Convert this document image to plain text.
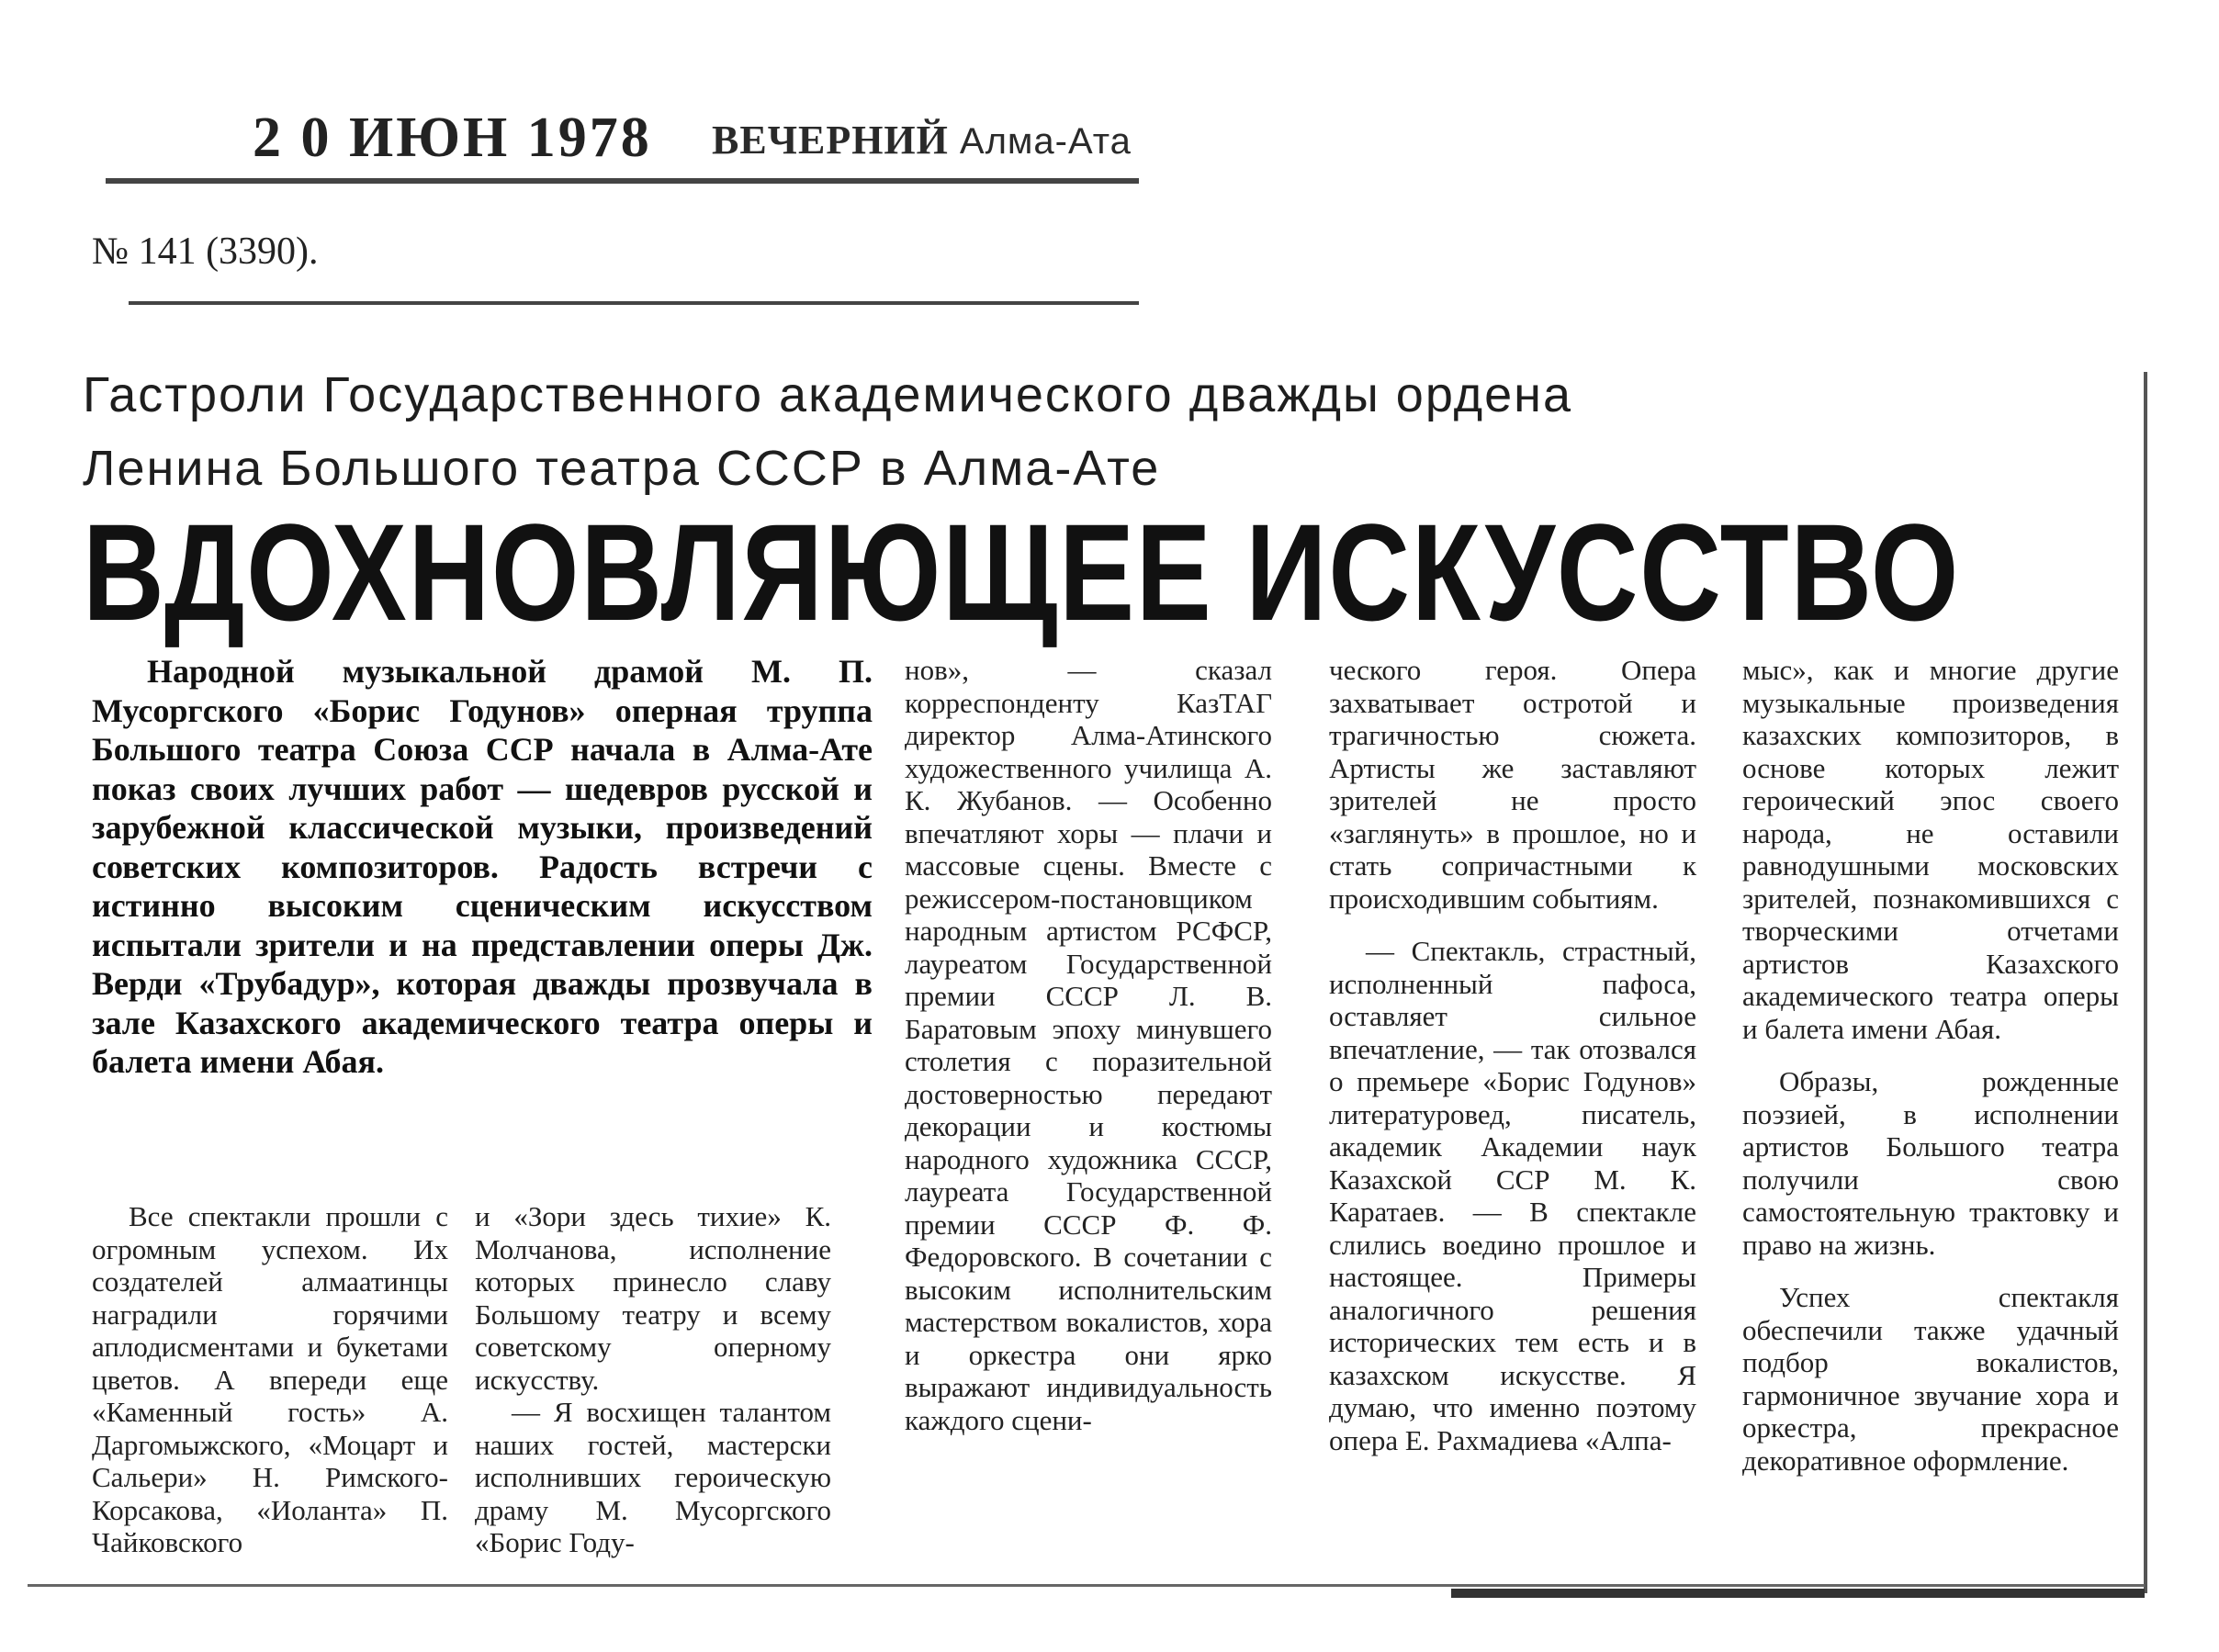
2 0 ИЮН 1978 ВЕЧЕРНИЙ Алма-Ата
№ 141 (3390).
Гастроли Государственного академического дважды ордена
Ленина Большого театра СССР в Алма-Ате
ВДОХНОВЛЯЮЩЕЕ ИСКУССТВО

Народной музыкальной драмой М. П. Мусоргского «Борис Годунов» оперная труппа Большого театра Союза ССР начала в Алма-Ате показ своих лучших работ — шедевров русской и зарубежной классической музыки, произведений советских композиторов. Радость встречи с истинно высоким сценическим искусством испытали зрители и на представлении оперы Дж. Верди «Трубадур», которая дважды прозвучала в зале Казахского академического театра оперы и балета имени Абая.

Все спектакли прошли с огромным успехом. Их создателей алмаатинцы наградили горячими аплодисментами и букетами цветов. А впереди еще «Каменный гость» А. Даргомыжского, «Моцарт и Сальери» Н. Римского-Корсакова, «Иоланта» П. Чайковского

и «Зори здесь тихие» К. Молчанова, исполнение которых принесло славу Большому театру и всему советскому оперному искусству.

— Я восхищен талантом наших гостей, мастерски исполнивших героическую драму М. Мусоргского «Борис Году-

нов», — сказал корреспонденту КазТАГ директор Алма-Атинского художественного училища А. К. Жубанов. — Особенно впечатляют хоры — плачи и массовые сцены. Вместе с режиссером-постановщиком народным артистом РСФСР, лауреатом Государственной премии СССР Л. В. Баратовым эпоху минувшего столетия с поразительной достоверностью передают декорации и костюмы народного художника СССР, лауреата Государственной премии СССР Ф. Ф. Федоровского. В сочетании с высоким исполнительским мастерством вокалистов, хора и оркестра они ярко выражают индивидуальность каждого сцени-

ческого героя. Опера захватывает остротой и трагичностью сюжета. Артисты же заставляют зрителей не просто «заглянуть» в прошлое, но и стать сопричастными к происходившим событиям.

— Спектакль, страстный, исполненный пафоса, оставляет сильное впечатление, — так отозвался о премьере «Борис Годунов» литературовед, писатель, академик Академии наук Казахской ССР М. К. Каратаев. — В спектакле слились воедино прошлое и настоящее. Примеры аналогичного решения исторических тем есть и в казахском искусстве. Я думаю, что именно поэтому опера Е. Рахмадиева «Алпа-

мыс», как и многие другие музыкальные произведения казахских композиторов, в основе которых лежит героический эпос своего народа, не оставили равнодушными московских зрителей, познакомившихся с творческими отчетами артистов Казахского академического театра оперы и балета имени Абая.

Образы, рожденные поэзией, в исполнении артистов Большого театра получили свою самостоятельную трактовку и право на жизнь.

Успех спектакля обеспечили также удачный подбор вокалистов, гармоничное звучание хора и оркестра, прекрасное декоративное оформление.
